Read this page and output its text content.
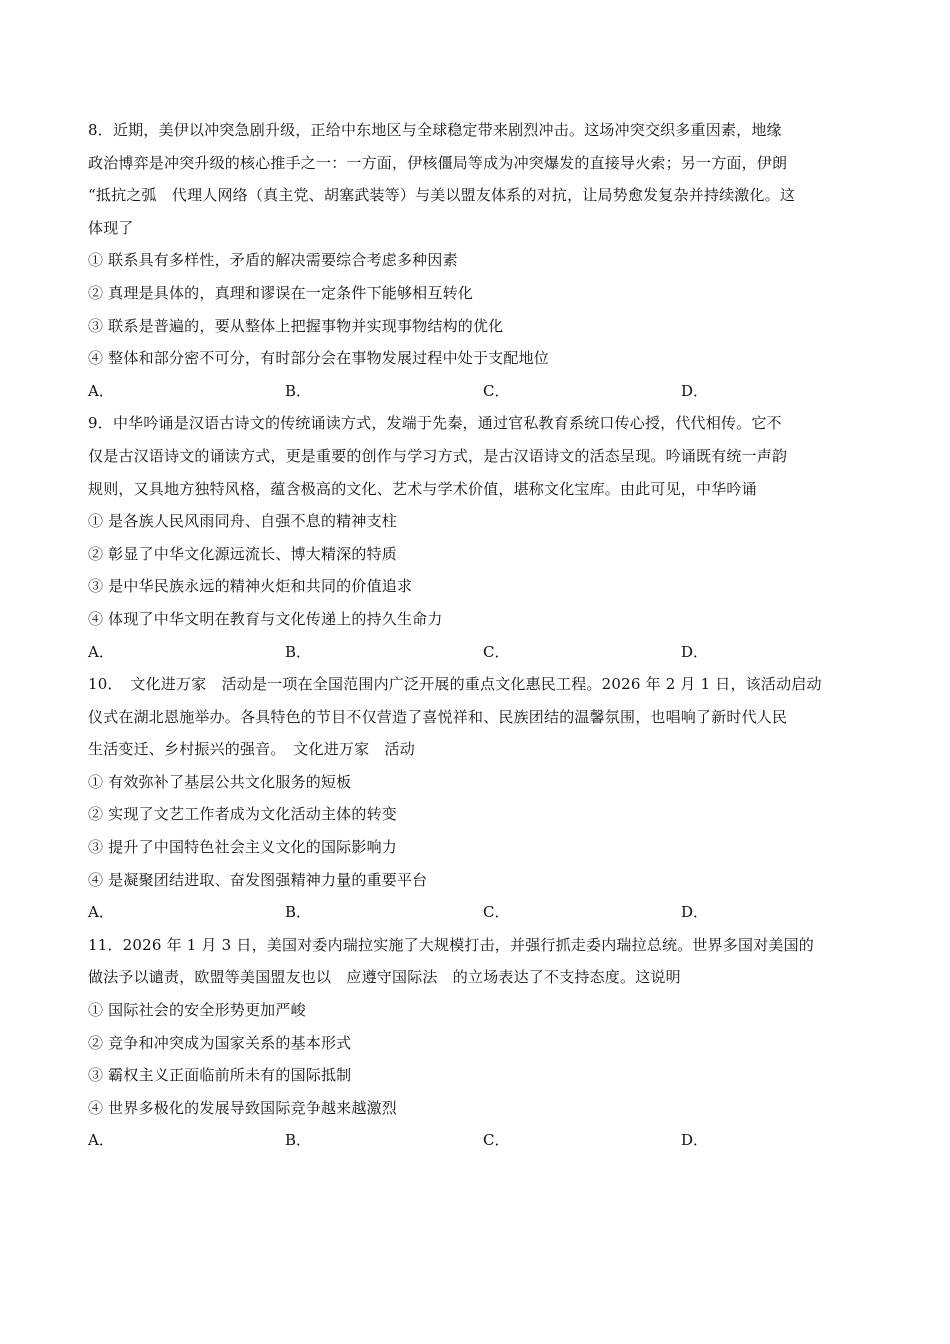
8．近期，美伊以冲突急剧升级，正给中东地区与全球稳定带来剧烈冲击。这场冲突交织多重因素，地缘
政治博弈是冲突升级的核心推手之一：一方面，伊核僵局等成为冲突爆发的直接导火索；另一方面，伊朗
“抵抗之弧　代理人网络（真主党、胡塞武装等）与美以盟友体系的对抗，让局势愈发复杂并持续激化。这
体现了
① 联系具有多样性，矛盾的解决需要综合考虑多种因素
② 真理是具体的，真理和谬误在一定条件下能够相互转化
③ 联系是普遍的，要从整体上把握事物并实现事物结构的优化
④ 整体和部分密不可分，有时部分会在事物发展过程中处于支配地位
A．	B．	C．	D．
9．中华吟诵是汉语古诗文的传统诵读方式，发端于先秦，通过官私教育系统口传心授，代代相传。它不
仅是古汉语诗文的诵读方式，更是重要的创作与学习方式，是古汉语诗文的活态呈现。吟诵既有统一声韵
规则，又具地方独特风格，蕴含极高的文化、艺术与学术价值，堪称文化宝库。由此可见，中华吟诵
① 是各族人民风雨同舟、自强不息的精神支柱
② 彰显了中华文化源远流长、博大精深的特质
③ 是中华民族永远的精神火炬和共同的价值追求
④ 体现了中华文明在教育与文化传递上的持久生命力
A．	B．	C．	D．
10．　文化进万家　活动是一项在全国范围内广泛开展的重点文化惠民工程。2026 年 2 月 1 日，该活动启动
仪式在湖北恩施举办。各具特色的节目不仅营造了喜悦祥和、民族团结的温馨氛围，也唱响了新时代人民
生活变迁、乡村振兴的强音。　文化进万家　活动
① 有效弥补了基层公共文化服务的短板
② 实现了文艺工作者成为文化活动主体的转变
③ 提升了中国特色社会主义文化的国际影响力
④ 是凝聚团结进取、奋发图强精神力量的重要平台
A．	B．	C．	D．
11．2026 年 1 月 3 日，美国对委内瑞拉实施了大规模打击，并强行抓走委内瑞拉总统。世界多国对美国的
做法予以谴责，欧盟等美国盟友也以　应遵守国际法　的立场表达了不支持态度。这说明
① 国际社会的安全形势更加严峻
② 竞争和冲突成为国家关系的基本形式
③ 霸权主义正面临前所未有的国际抵制
④ 世界多极化的发展导致国际竞争越来越激烈
A．	B．	C．	D．
